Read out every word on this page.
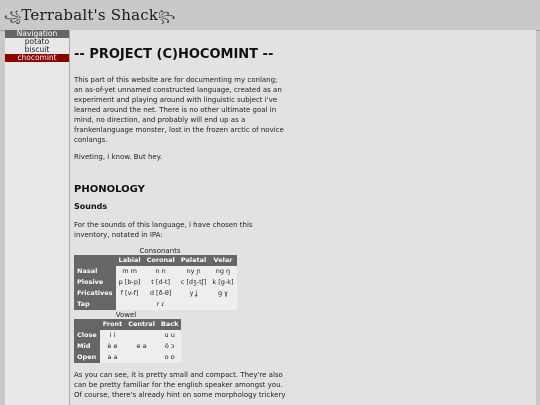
꧁Terrabalt's Shack꧂
Navigation
potato
biscuit
chocomint	-- PROJECT (C)HOCOMINT --

This part of this website are for documenting my conlang; an as-of-yet unnamed constructed language, created as an experiment and playing around with linguistic subject i've learned around the net. There is no other ultimate goal in mind, no direction, and probably will end up as a frankenlanguage monster, lost in the frozen arctic of novice conlangs.

Riveting, i know. But hey.

PHONOLOGY
Sounds

For the sounds of this language, i have chosen this inventory, notated in IPA:

Consonants
	Labial	Coronal	Palatal	Velar
Nasal	m m	n n	ny ɲ	ng ŋ
Plosive	p [b-p]	t [d-t]	c [dʒ-tʃ]	k [g-k]
Fricatives	f [v-f]	d [ð-θ]	y ʝ	g ɣ
Tap		r ɾ		
Vowel
	Front	Central	Back
Close	i i		u u
Mid	è e	e ə	ö ɔ
Open	a a		o ɒ

As you can see, it is pretty small and compact. They're also can be pretty familiar for the english speaker amongst you. Of course, there's already hint on some morphology trickery
